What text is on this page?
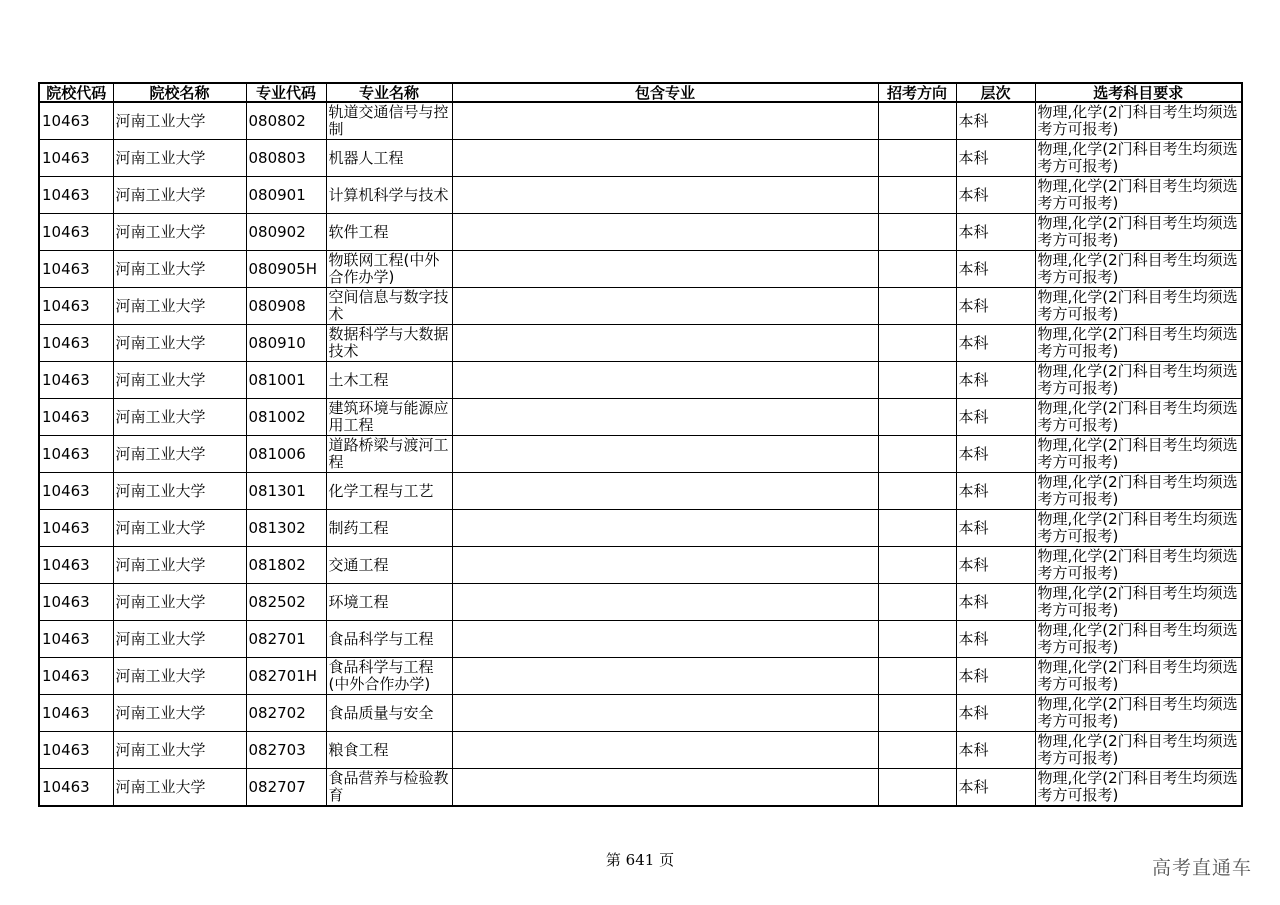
院校代码	院校名称	专业代码	专业名称	包含专业	招考方向	层次	选考科目要求
10463	河南工业大学	080802	轨道交通信号与控制			本科	物理,化学(2门科目考生均须选考方可报考)
10463	河南工业大学	080803	机器人工程			本科	物理,化学(2门科目考生均须选考方可报考)
10463	河南工业大学	080901	计算机科学与技术			本科	物理,化学(2门科目考生均须选考方可报考)
10463	河南工业大学	080902	软件工程			本科	物理,化学(2门科目考生均须选考方可报考)
10463	河南工业大学	080905H	物联网工程(中外合作办学)			本科	物理,化学(2门科目考生均须选考方可报考)
10463	河南工业大学	080908	空间信息与数字技术			本科	物理,化学(2门科目考生均须选考方可报考)
10463	河南工业大学	080910	数据科学与大数据技术			本科	物理,化学(2门科目考生均须选考方可报考)
10463	河南工业大学	081001	土木工程			本科	物理,化学(2门科目考生均须选考方可报考)
10463	河南工业大学	081002	建筑环境与能源应用工程			本科	物理,化学(2门科目考生均须选考方可报考)
10463	河南工业大学	081006	道路桥梁与渡河工程			本科	物理,化学(2门科目考生均须选考方可报考)
10463	河南工业大学	081301	化学工程与工艺			本科	物理,化学(2门科目考生均须选考方可报考)
10463	河南工业大学	081302	制药工程			本科	物理,化学(2门科目考生均须选考方可报考)
10463	河南工业大学	081802	交通工程			本科	物理,化学(2门科目考生均须选考方可报考)
10463	河南工业大学	082502	环境工程			本科	物理,化学(2门科目考生均须选考方可报考)
10463	河南工业大学	082701	食品科学与工程			本科	物理,化学(2门科目考生均须选考方可报考)
10463	河南工业大学	082701H	食品科学与工程(中外合作办学)			本科	物理,化学(2门科目考生均须选考方可报考)
10463	河南工业大学	082702	食品质量与安全			本科	物理,化学(2门科目考生均须选考方可报考)
10463	河南工业大学	082703	粮食工程			本科	物理,化学(2门科目考生均须选考方可报考)
10463	河南工业大学	082707	食品营养与检验教育			本科	物理,化学(2门科目考生均须选考方可报考)
第 641 页	高考直通车
